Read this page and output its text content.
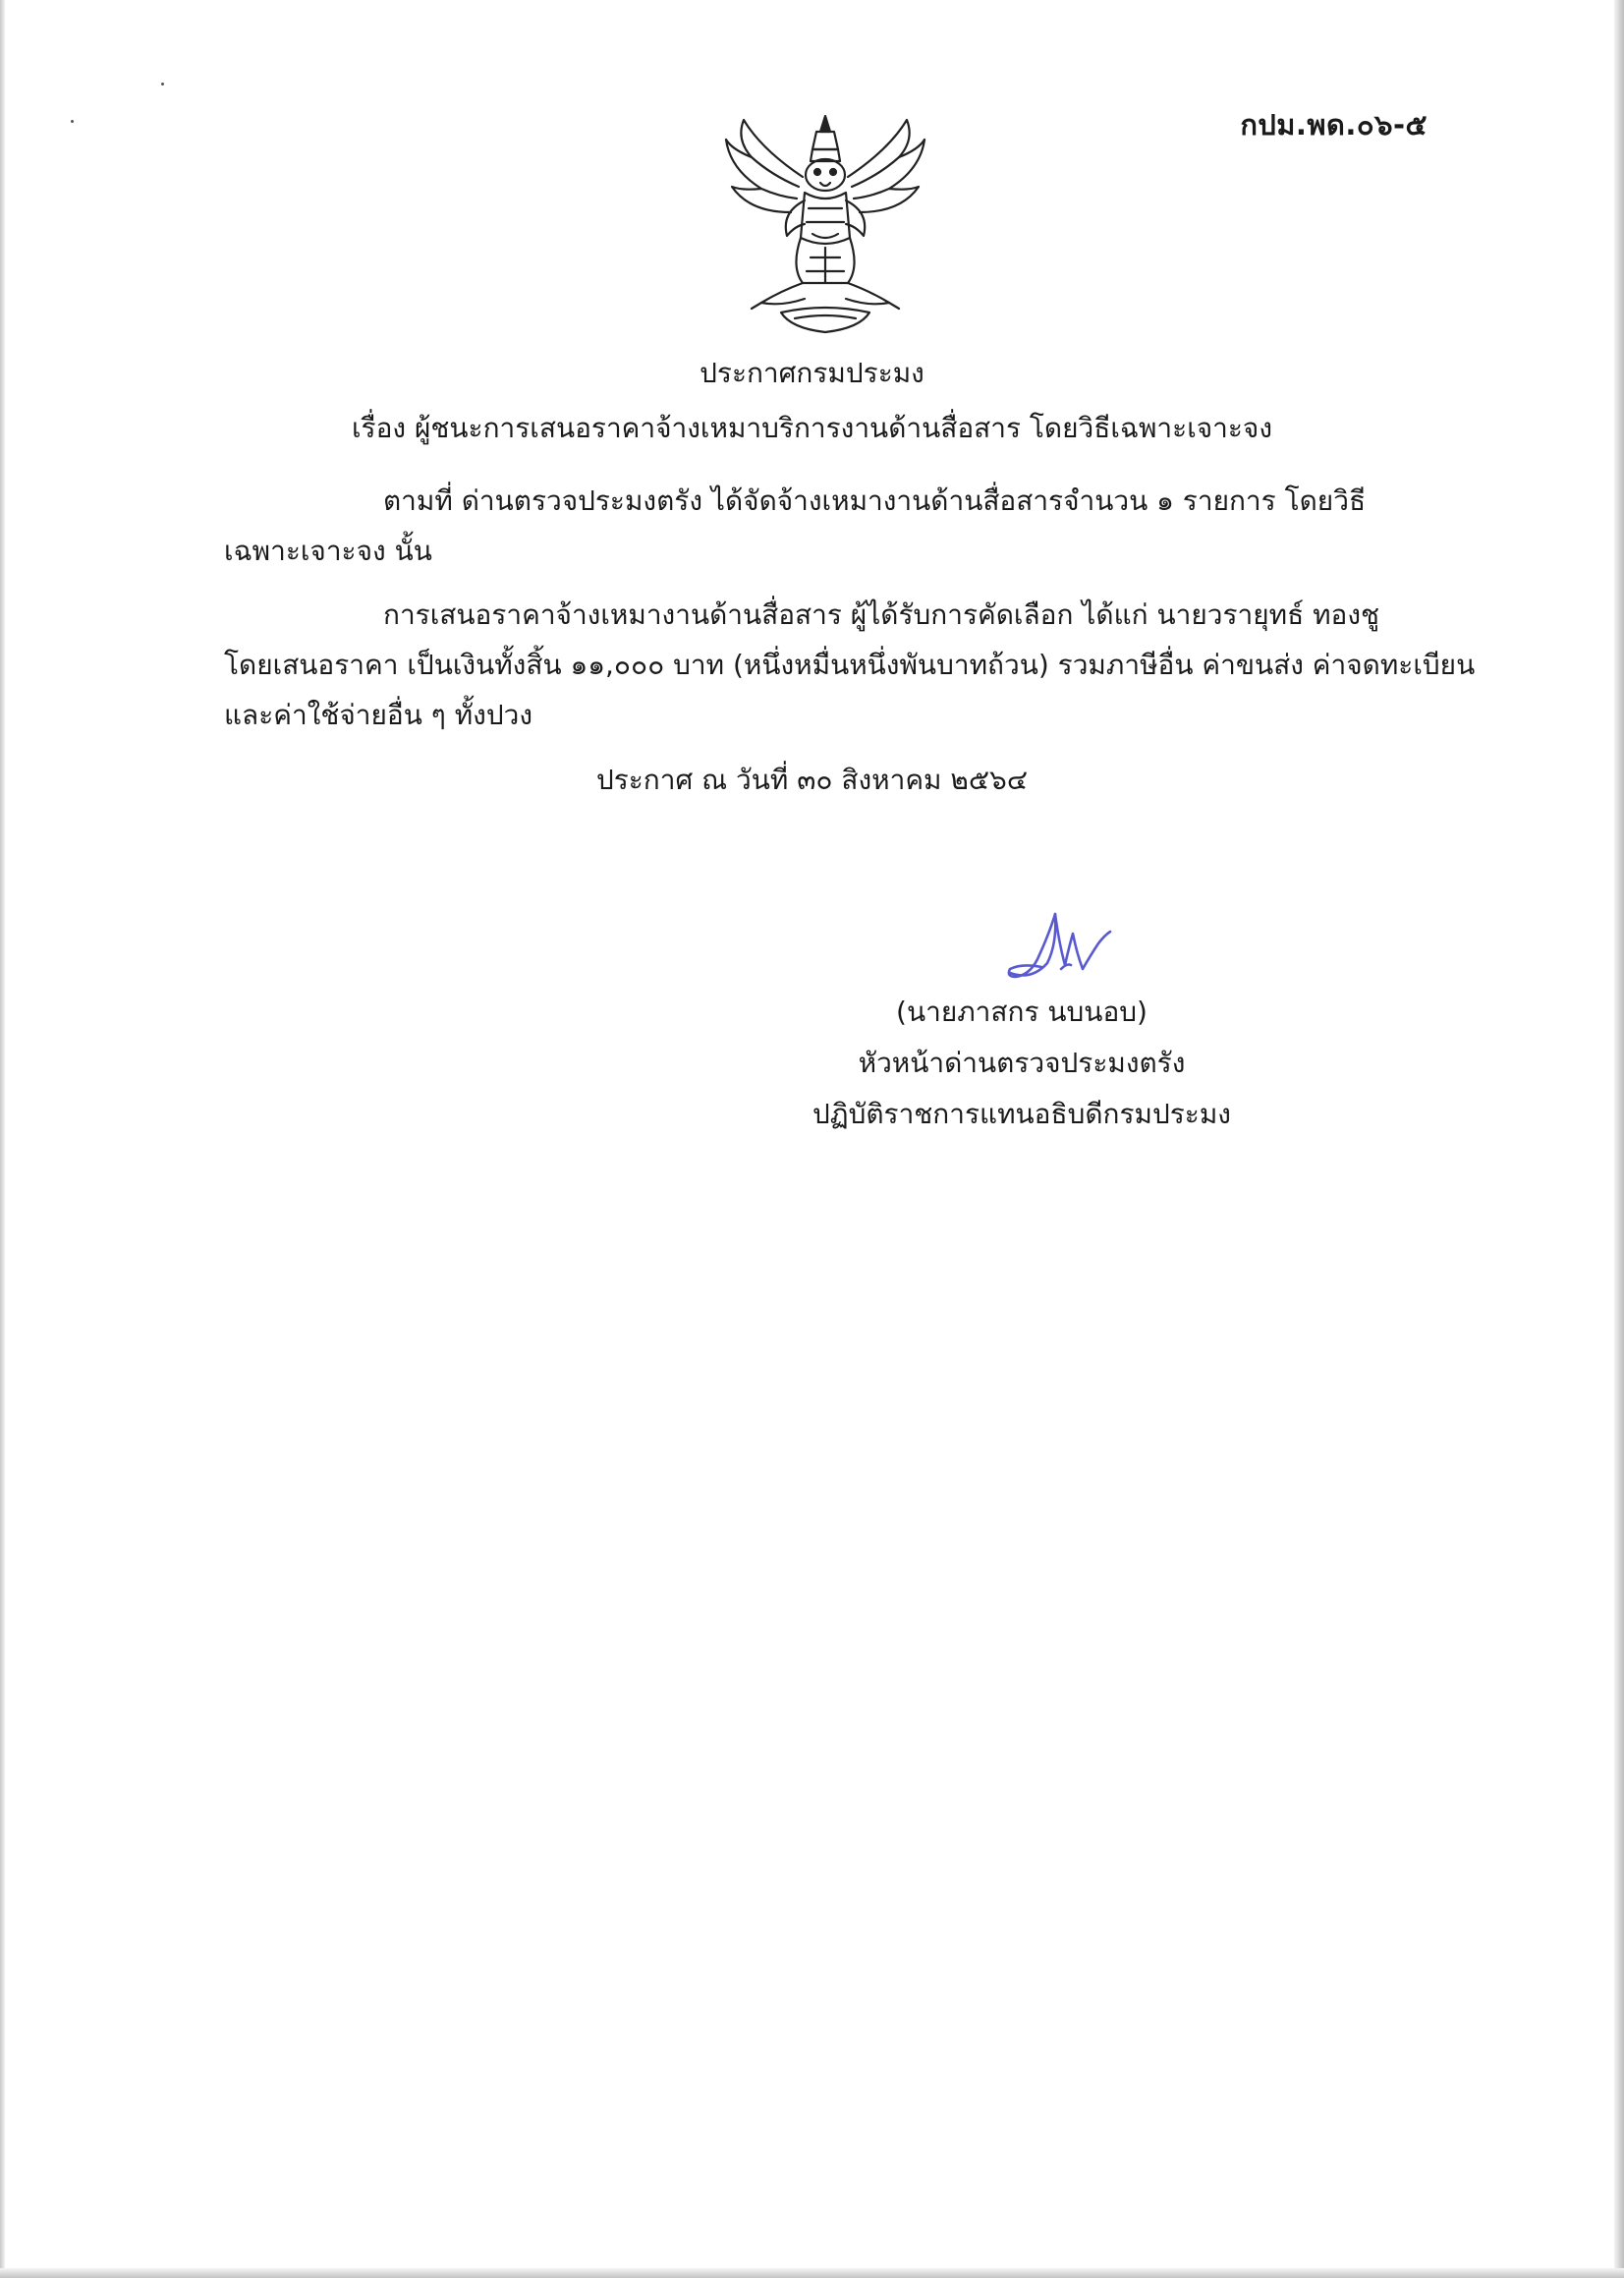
กปม.พด.๐๖-๕
ประกาศกรมประมง
เรื่อง ผู้ชนะการเสนอราคาจ้างเหมาบริการงานด้านสื่อสาร โดยวิธีเฉพาะเจาะจง
ตามที่ ด่านตรวจประมงตรัง ได้จัดจ้างเหมางานด้านสื่อสารจำนวน ๑ รายการ โดยวิธี
เฉพาะเจาะจง นั้น
การเสนอราคาจ้างเหมางานด้านสื่อสาร ผู้ได้รับการคัดเลือก ได้แก่ นายวรายุทธ์ ทองชู
โดยเสนอราคา เป็นเงินทั้งสิ้น ๑๑,๐๐๐ บาท (หนึ่งหมื่นหนึ่งพันบาทถ้วน) รวมภาษีอื่น ค่าขนส่ง ค่าจดทะเบียน
และค่าใช้จ่ายอื่น ๆ ทั้งปวง
ประกาศ ณ วันที่ ๓๐ สิงหาคม ๒๕๖๔
(นายภาสกร นบนอบ)
หัวหน้าด่านตรวจประมงตรัง
ปฏิบัติราชการแทนอธิบดีกรมประมง
